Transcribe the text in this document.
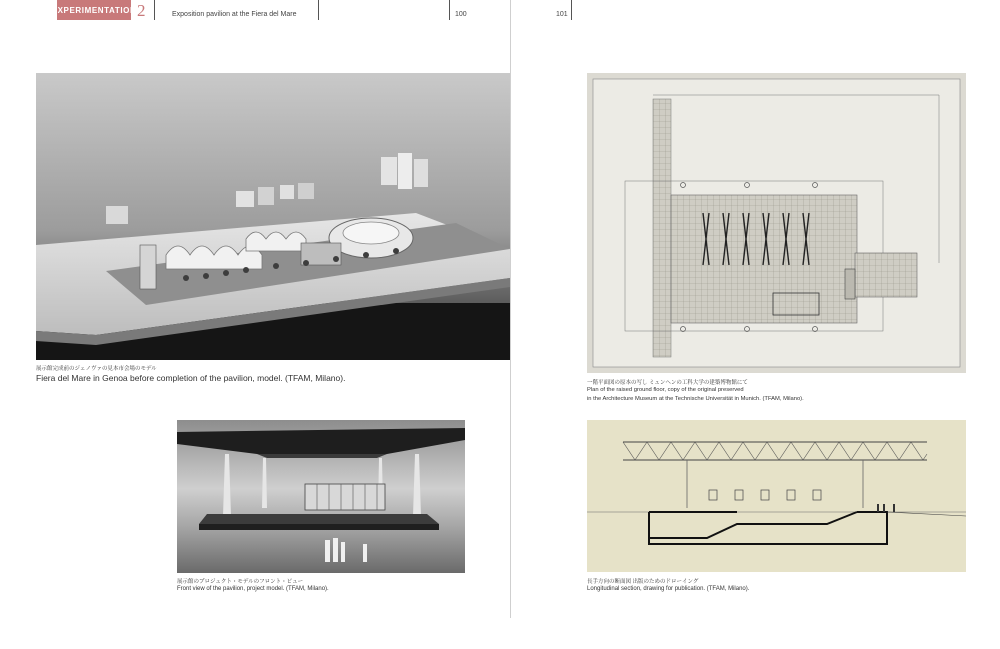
EXPERIMENTATION 2	Exposition pavilion at the Fiera del Mare	100	101
展示館完成前のジェノヴァの見本市会場のモデル
Fiera del Mare in Genoa before completion of the pavilion, model. (TFAM, Milano).
展示館のプロジェクト・モデルのフロント・ビュー
Front view of the pavilion, project model. (TFAM, Milano).
一階平面図の原本の写し ミュンヘンの工科大学の建築博物館にて
Plan of the raised ground floor, copy of the original preserved
in the Architecture Museum at the Technische Universität in Munich. (TFAM, Milano).
長手方向の断面図 出版のためのドローイング
Longitudinal section, drawing for publication. (TFAM, Milano).
